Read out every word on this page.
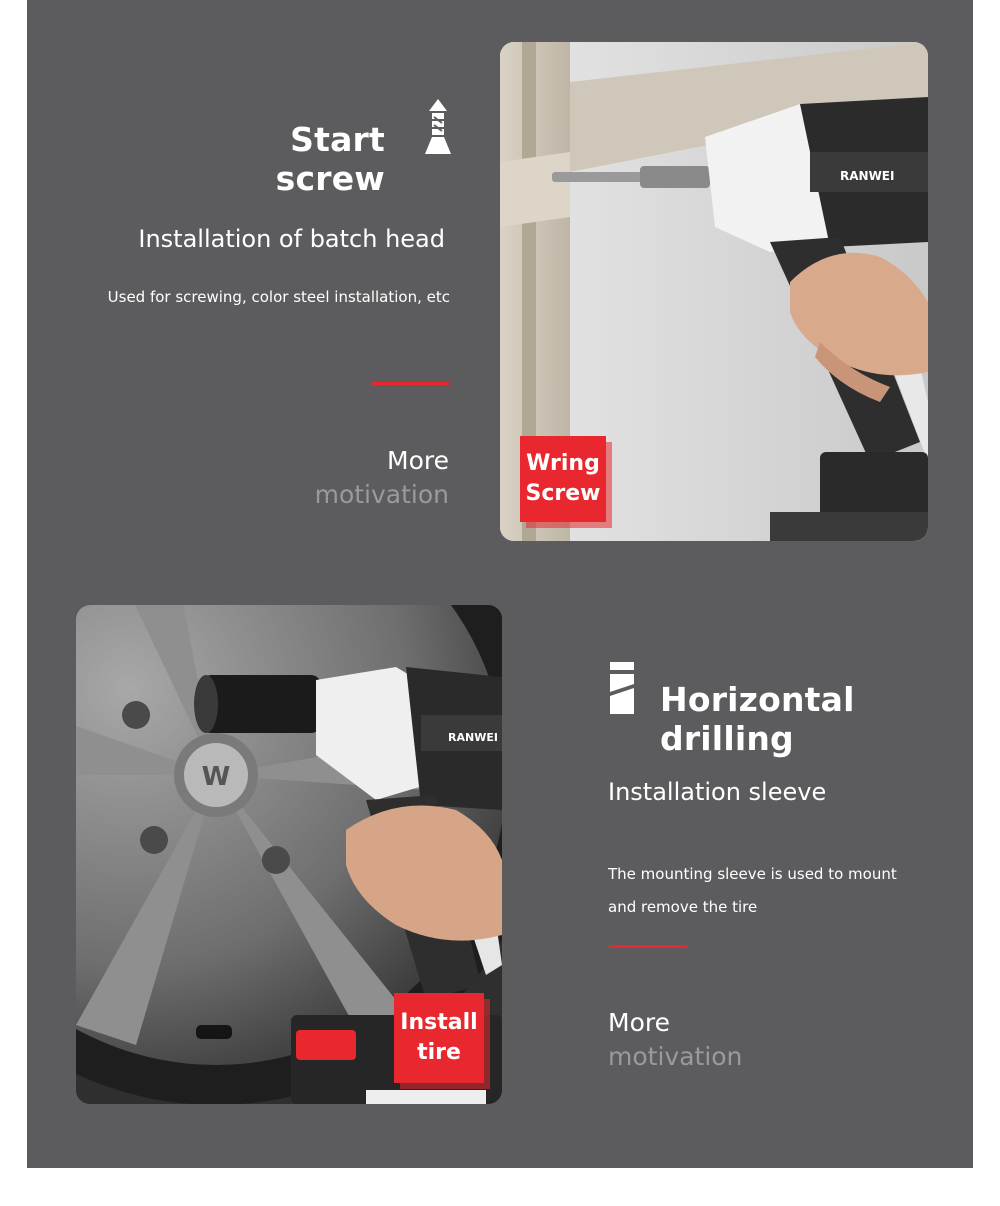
Start screw
Installation of batch head
Used for screwing, color steel installation, etc
More
motivation
Horizontal drilling
Installation sleeve
The mounting sleeve is used to mount
and remove the tire
More
motivation
RANWEI
Wring
Screw
W
RANWEI
Install
tire
